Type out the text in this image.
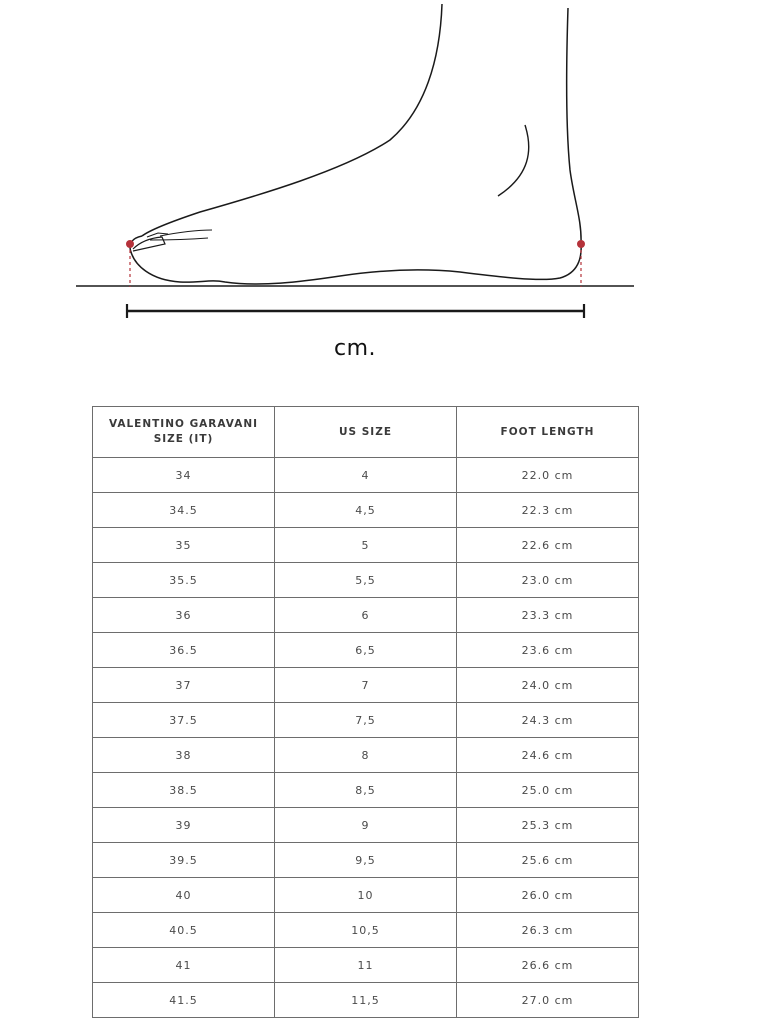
cm.
VALENTINO GARAVANI
SIZE (IT)	US SIZE	FOOT LENGTH
34	4	22.0 cm
34.5	4,5	22.3 cm
35	5	22.6 cm
35.5	5,5	23.0 cm
36	6	23.3 cm
36.5	6,5	23.6 cm
37	7	24.0 cm
37.5	7,5	24.3 cm
38	8	24.6 cm
38.5	8,5	25.0 cm
39	9	25.3 cm
39.5	9,5	25.6 cm
40	10	26.0 cm
40.5	10,5	26.3 cm
41	11	26.6 cm
41.5	11,5	27.0 cm
